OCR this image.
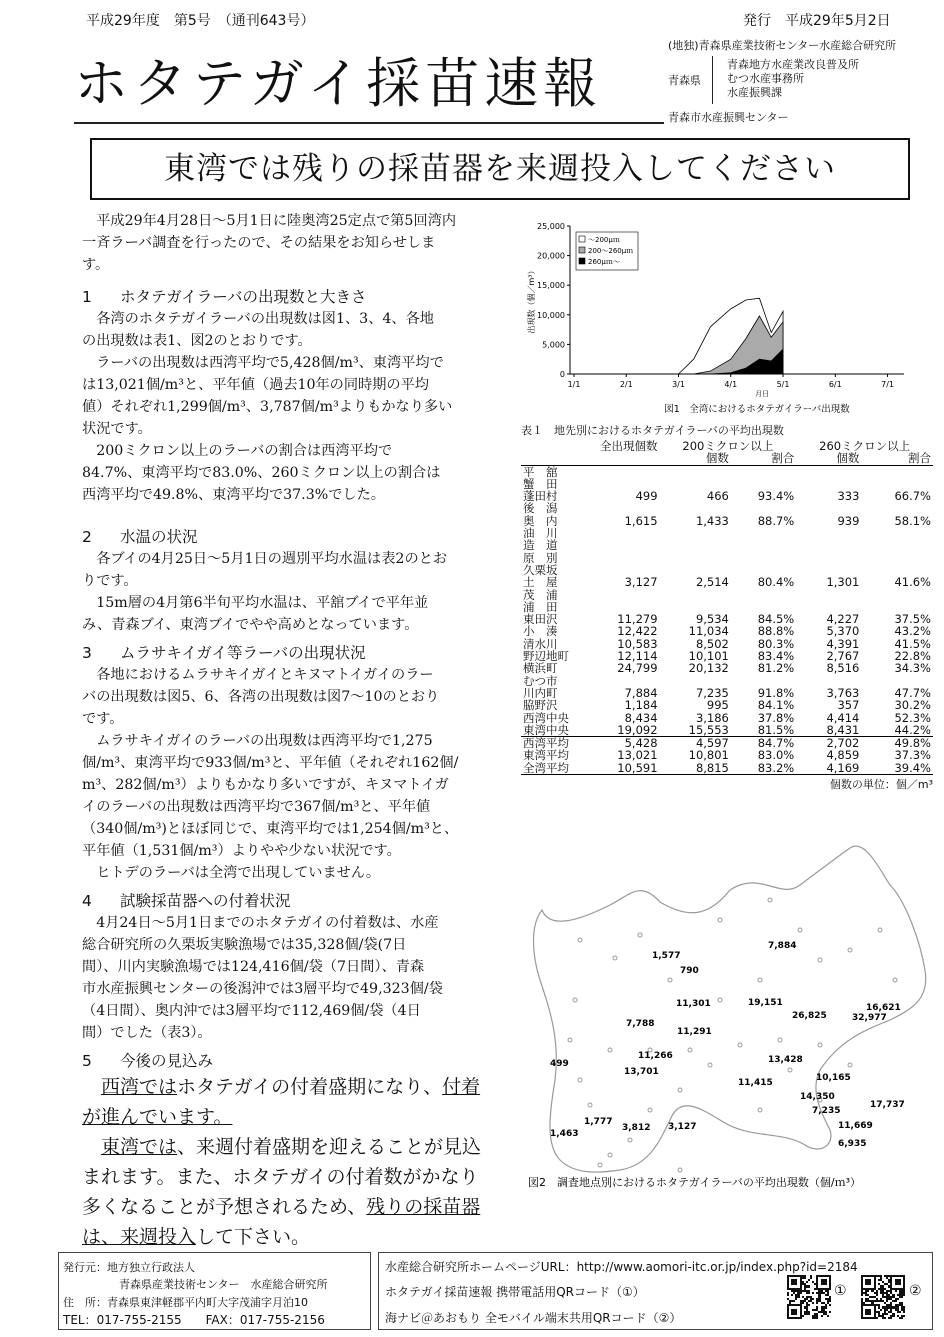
平成29年度　第5号　（通刊643号）	発行　平成29年5月2日
ホタテガイ採苗速報
(地独)青森県産業技術センター水産総合研究所
青森県
青森地方水産業改良普及所
むつ水産事務所
水産振興課
青森市水産振興センター
東湾では残りの採苗器を来週投入してください

平成29年4月28日～5月1日に陸奥湾25定点で第5回湾内

一斉ラーバ調査を行ったので、その結果をお知らせしま

す。

1 ホタテガイラーバの出現数と大きさ

各湾のホタテガイラーバの出現数は図1、3、4、各地

の出現数は表1、図2のとおりです。

ラーバの出現数は西湾平均で5,428個/m³、東湾平均で

は13,021個/m³と、平年値（過去10年の同時期の平均

値）それぞれ1,299個/m³、3,787個/m³よりもかなり多い

状況です。

200ミクロン以上のラーバの割合は西湾平均で

84.7%、東湾平均で83.0%、260ミクロン以上の割合は

西湾平均で49.8%、東湾平均で37.3%でした。

2 水温の状況

各ブイの4月25日～5月1日の週別平均水温は表2のとお

りです。

15m層の4月第6半旬平均水温は、平舘ブイで平年並

み、青森ブイ、東湾ブイでやや高めとなっています。

3 ムラサキイガイ等ラーバの出現状況

各地におけるムラサキイガイとキヌマトイガイのラー

バの出現数は図5、6、各湾の出現数は図7～10のとおり

です。

ムラサキイガイのラーバの出現数は西湾平均で1,275

個/m³、東湾平均で933個/m³と、平年値（それぞれ162個/

m³、282個/m³）よりもかなり多いですが、キヌマトイガ

イのラーバの出現数は西湾平均で367個/m³と、平年値

（340個/m³)とほぼ同じで、東湾平均では1,254個/m³と、

平年値（1,531個/m³）よりやや少ない状況です。

ヒトデのラーバは全湾で出現していません。

4 試験採苗器への付着状況

4月24日～5月1日までのホタテガイの付着数は、水産

総合研究所の久栗坂実験漁場では35,328個/袋(7日

間）、川内実験漁場では124,416個/袋（7日間）、青森

市水産振興センターの後潟沖では3層平均で49,323個/袋

（4日間）、奥内沖では3層平均で112,469個/袋（4日

間）でした（表3）。

5 今後の見込み

西湾ではホタテガイの付着盛期になり、付着

が進んでいます。

東湾では、来週付着盛期を迎えることが見込

まれます。また、ホタテガイの付着数がかなり

多くなることが予想されるため、残りの採苗器

は、来週投入して下さい。

25,000
20,000
15,000
10,000
5,000
0
1/1	2/1	3/1	4/1	5/1	6/1	7/1
月日
出現数（個／m³）
～200μｍ
200～260μｍ
260μｍ～
図1　全湾におけるホタテガイラーバ出現数
表１　地先別におけるホタテガイラーバの平均出現数
	全出現個数	200ミクロン以上		260ミクロン以上	
		個数	割合	個数	割合
平　舘					
蟹　田					
蓬田村	499	466	93.4%	333	66.7%
後　潟					
奥　内	1,615	1,433	88.7%	939	58.1%
油　川					
造　道					
原　別					
久栗坂					
土　屋	3,127	2,514	80.4%	1,301	41.6%
茂　浦					
浦　田					
東田沢	11,279	9,534	84.5%	4,227	37.5%
小　湊	12,422	11,034	88.8%	5,370	43.2%
清水川	10,583	8,502	80.3%	4,391	41.5%
野辺地町	12,114	10,101	83.4%	2,767	22.8%
横浜町	24,799	20,132	81.2%	8,516	34.3%
むつ市					
川内町	7,884	7,235	91.8%	3,763	47.7%
脇野沢	1,184	995	84.1%	357	30.2%
西湾中央	8,434	3,186	37.8%	4,414	52.3%
東湾中央	19,092	15,553	81.5%	8,431	44.2%
西湾平均	5,428	4,597	84.7%	2,702	49.8%
東湾平均	13,021	10,801	83.0%	4,859	37.3%
全湾平均	10,591	8,815	83.2%	4,169	39.4%
個数の単位：個／m³
1,577
790
7,884
19,151	16,621
11,301
26,825	32,977
7,788
11,291
11,266	13,428
499
13,701
11,415	10,165
14,350
17,737
7,235
1,777
3,812 3,127	11,669
1,463
6,935
図2　調査地点別におけるホタテガイラーバの平均出現数（個/ｍ³）
発行元：地方独立行政法人
青森県産業技術センター　水産総合研究所
住　所：青森県東津軽郡平内町大字茂浦字月泊10
TEL：017-755-2155　　FAX：017-755-2156
水産総合研究所ホームページURL：http://www.aomori-itc.or.jp/index.php?id=2184
ホタテガイ採苗速報 携帯電話用QRコード（①）
海ナビ＠あおもり 全モバイル端末共用QRコード（②）
①	②
